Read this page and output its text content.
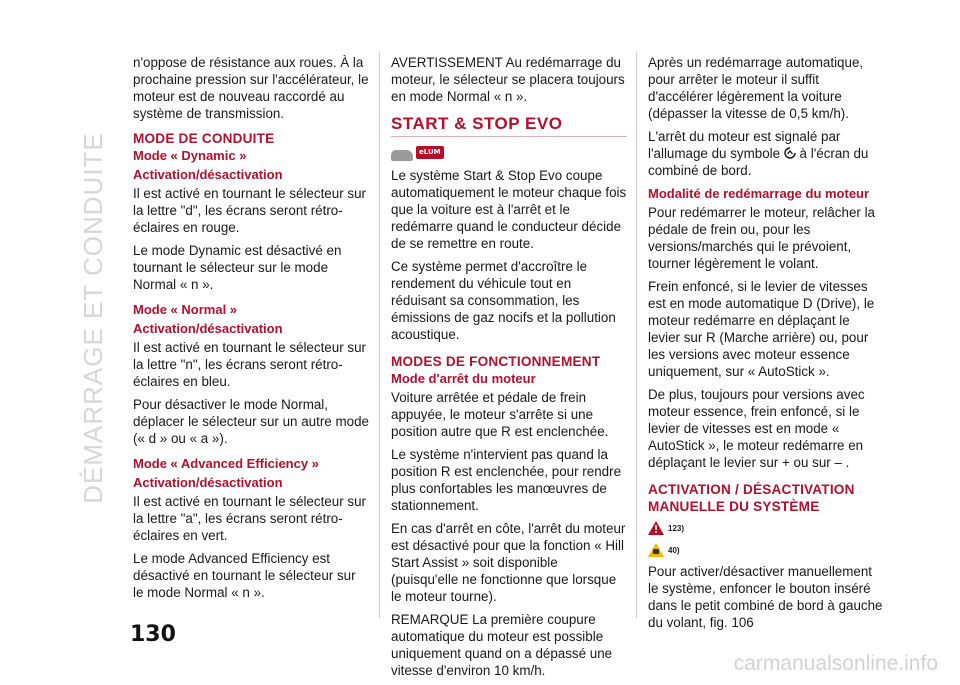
DÉMARRAGE ET CONDUITE

n'oppose de résistance aux roues. À la prochaine pression sur l'accélérateur, le moteur est de nouveau raccordé au système de transmission.

MODE DE CONDUITE
Mode « Dynamic »
Activation/désactivation

Il est activé en tournant le sélecteur sur la lettre "d", les écrans seront rétro-éclaires en rouge.

Le mode Dynamic est désactivé en tournant le sélecteur sur le mode Normal « n ».

Mode « Normal »
Activation/désactivation

Il est activé en tournant le sélecteur sur la lettre "n", les écrans seront rétro-éclaires en bleu.

Pour désactiver le mode Normal, déplacer le sélecteur sur un autre mode (« d » ou « a »).

Mode « Advanced Efficiency »
Activation/désactivation

Il est activé en tournant le sélecteur sur la lettre "a", les écrans seront rétro-éclaires en vert.

Le mode Advanced Efficiency est désactivé en tournant le sélecteur sur le mode Normal « n ».

AVERTISSEMENT Au redémarrage du moteur, le sélecteur se placera toujours en mode Normal « n ».

START & STOP EVO
eLUM

Le système Start & Stop Evo coupe automatiquement le moteur chaque fois que la voiture est à l'arrêt et le redémarre quand le conducteur décide de se remettre en route.

Ce système permet d'accroître le rendement du véhicule tout en réduisant sa consommation, les émissions de gaz nocifs et la pollution acoustique.

MODES DE FONCTIONNEMENT
Mode d'arrêt du moteur

Voiture arrêtée et pédale de frein appuyée, le moteur s'arrête si une position autre que R est enclenchée.

Le système n'intervient pas quand la position R est enclenchée, pour rendre plus confortables les manœuvres de stationnement.

En cas d'arrêt en côte, l'arrêt du moteur est désactivé pour que la fonction « Hill Start Assist » soit disponible (puisqu'elle ne fonctionne que lorsque le moteur tourne).

REMARQUE La première coupure automatique du moteur est possible uniquement quand on a dépassé une vitesse d'environ 10 km/h.

Après un redémarrage automatique, pour arrêter le moteur il suffit d'accélérer légèrement la voiture (dépasser la vitesse de 0,5 km/h).

L'arrêt du moteur est signalé par l'allumage du symbole à l'écran du combiné de bord.

Modalité de redémarrage du moteur

Pour redémarrer le moteur, relâcher la pédale de frein ou, pour les versions/marchés qui le prévoient, tourner légèrement le volant.

Frein enfoncé, si le levier de vitesses est en mode automatique D (Drive), le moteur redémarre en déplaçant le levier sur R (Marche arrière) ou, pour les versions avec moteur essence uniquement, sur « AutoStick ».

De plus, toujours pour versions avec moteur essence, frein enfoncé, si le levier de vitesses est en mode « AutoStick », le moteur redémarre en déplaçant le levier sur + ou sur – .

ACTIVATION / DÉSACTIVATION
MANUELLE DU SYSTÈME
123)
40)

Pour activer/désactiver manuellement le système, enfoncer le bouton inséré dans le petit combiné de bord à gauche du volant, fig. 106

130
carmanualsonline.info
